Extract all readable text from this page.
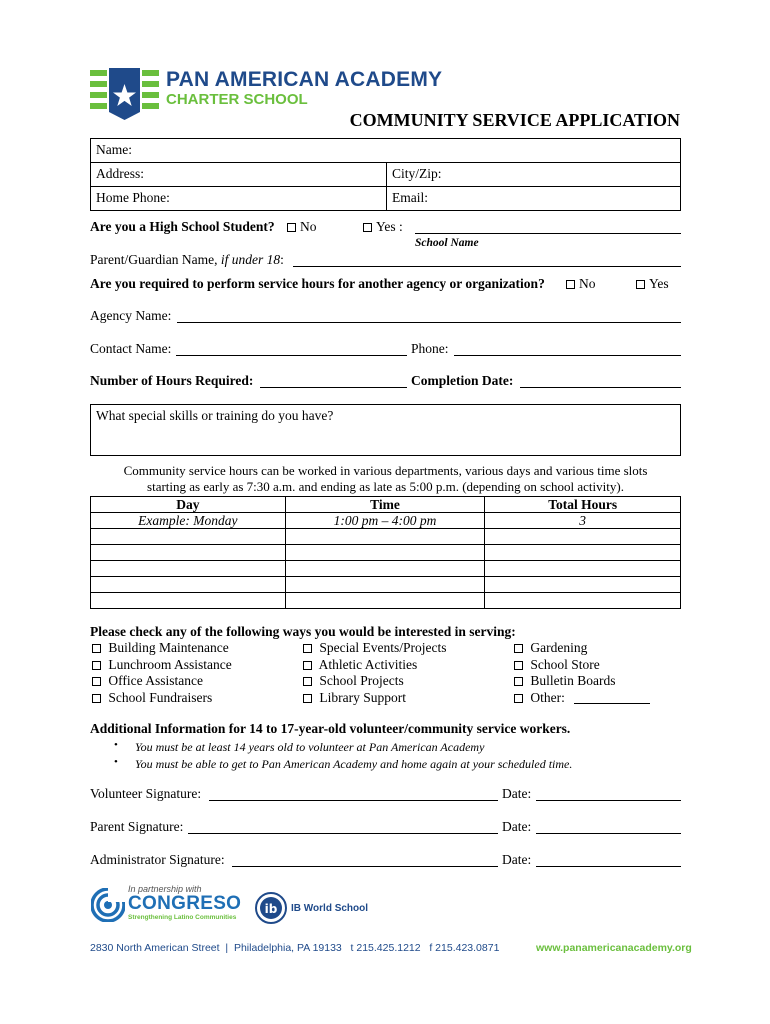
PAN AMERICAN ACADEMY
CHARTER SCHOOL
COMMUNITY SERVICE APPLICATION
Name:
Address:	City/Zip:
Home Phone:	Email:
Are you a High School Student?	No	Yes :
School Name
Parent/Guardian Name, if under 18:
Are you required to perform service hours for another agency or organization?	No	Yes
Agency Name:
Contact Name:	Phone:
Number of Hours Required:	Completion Date:
What special skills or training do you have?
Community service hours can be worked in various departments, various days and various time slots
starting as early as 7:30 a.m. and ending as late as 5:00 p.m. (depending on school activity).
Day	Time	Total Hours
Example: Monday	1:00 pm – 4:00 pm	3

Please check any of the following ways you would be interested in serving:
Building Maintenance
Lunchroom Assistance
Office Assistance
School Fundraisers
Special Events/Projects
Athletic Activities
School Projects
Library Support
Gardening
School Store
Bulletin Boards
Other:
Additional Information for 14 to 17-year-old volunteer/community service workers.
• You must be at least 14 years old to volunteer at Pan American Academy
• You must be able to get to Pan American Academy and home again at your scheduled time.
Volunteer Signature:	Date:
Parent Signature:	Date:
Administrator Signature:	Date:
In partnership with
CONGRESO
Strengthening Latino Communities
ib IB World School
2830 North American Street  |  Philadelphia, PA 19133   t 215.425.1212   f 215.423.0871	www.panamericanacademy.org
